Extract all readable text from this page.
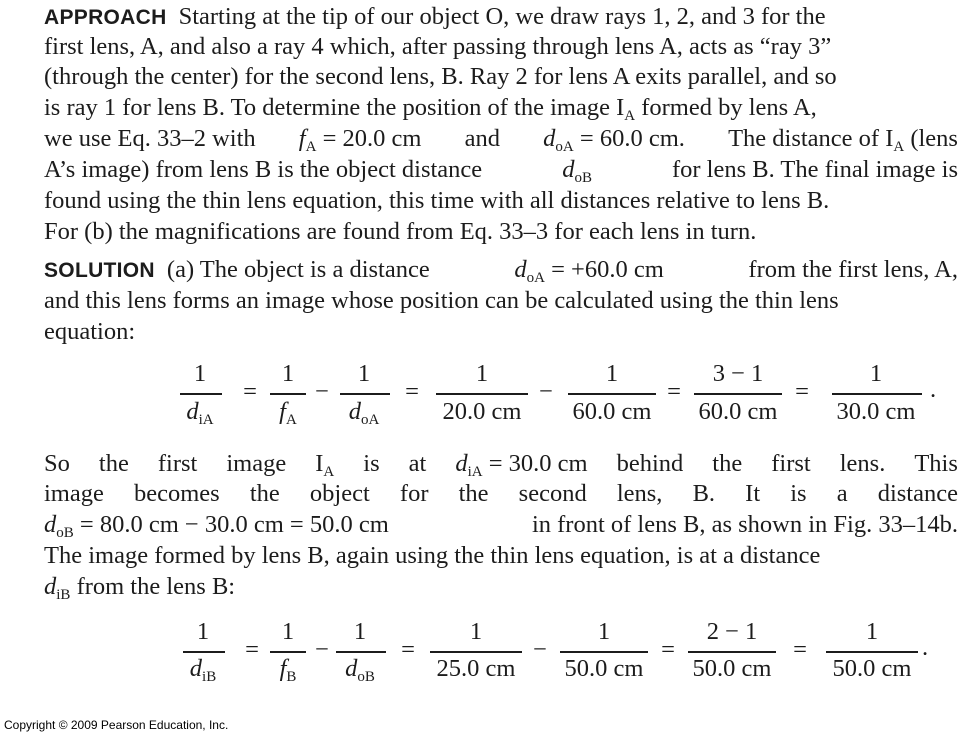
APPROACH Starting at the tip of our object O, we draw rays 1, 2, and 3 for the
first lens, A, and also a ray 4 which, after passing through lens A, acts as “ray 3”
(through the center) for the second lens, B. Ray 2 for lens A exits parallel, and so
is ray 1 for lens B. To determine the position of the image $I_A$ formed by lens A,
we use Eq. 33–2 with $f_A = 20.0$ cm and $d_{oA} = 60.0$ cm. The distance of $I_A$ (lens
A’s image) from lens B is the object distance	$d_{oB}$	for lens B. The final image is
found using the thin lens equation, this time with all distances relative to lens B.
For (b) the magnifications are found from Eq. 33–3 for each lens in turn.
SOLUTION (a) The object is a distance	$d_{oA} = +60.0$ cm	from the first lens, A,
and this lens forms an image whose position can be calculated using the thin lens
equation:
1
$d_{iA}$
=
1
$f_A$
−
1
$d_{oA}$
=
1
20.0 cm
−
1
60.0 cm
=
3 − 1
60.0 cm
=
1
30.0 cm
.
So the first image $I_A$ is at $d_{iA} = 30.0$ cm behind the first lens. This
image becomes the object for the second lens, B. It is a distance
$d_{oB} = 80.0$ cm − 30.0 cm = 50.0 cm	in front of lens B, as shown in Fig. 33–14b.
The image formed by lens B, again using the thin lens equation, is at a distance
$d_{iB}$ from the lens B:
1
$d_{iB}$
=
1
$f_B$
−
1
$d_{oB}$
=
1
25.0 cm
−
1
50.0 cm
=
2 − 1
50.0 cm
=
1
50.0 cm
.
Copyright © 2009 Pearson Education, Inc.
